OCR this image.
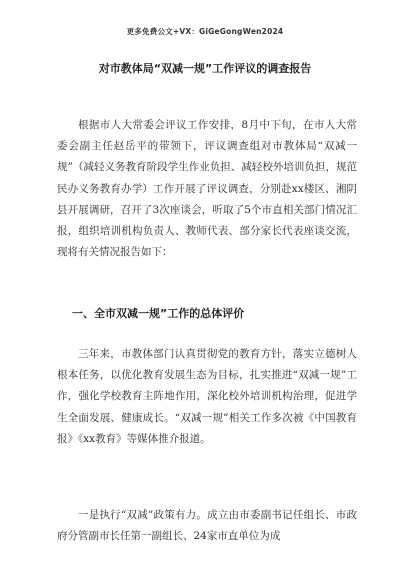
更多免费公文+VX：GiGeGongWen2024
对市教体局“双减一规”工作评议的调查报告

根据市人大常委会评议工作安排，8月中下旬，在市人大常委会副主任赵岳平的带领下，评议调查组对市教体局“双减一规”（减轻义务教育阶段学生作业负担、减轻校外培训负担，规范民办义务教育办学）工作开展了评议调查，分别赴xx楼区、湘阴县开展调研，召开了3次座谈会，听取了5个市直相关部门情况汇报，组织培训机构负责人、教师代表、部分家长代表座谈交流，现将有关情况报告如下：

一、全市双减一规”工作的总体评价

三年来，市教体部门认真贯彻党的教育方针，落实立德树人根本任务，以优化教育发展生态为目标，扎实推进“双减一规”工作，强化学校教育主阵地作用，深化校外培训机构治理，促进学生全面发展、健康成长。“双减一规”相关工作多次被《中国教育报》《xx教育》等媒体推介报道。

一是执行“双减”政策有力。成立由市委副书记任组长、市政府分管副市长任第一副组长、24家市直单位为成
